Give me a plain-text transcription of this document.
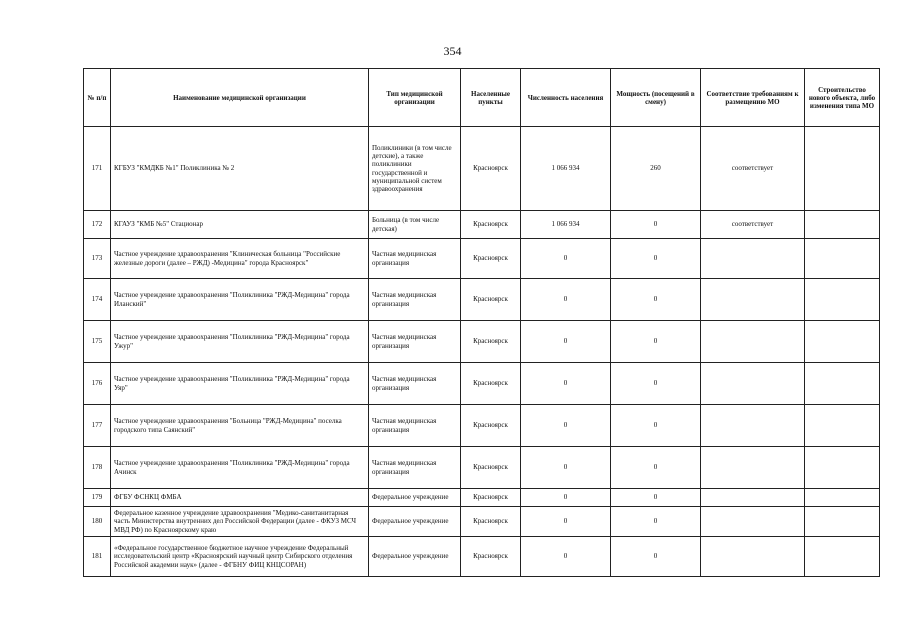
354
№ п/п	Наименование медицинской организации	Тип медицинской организации	Населенные пункты	Численность населения	Мощность (посещений в смену)	Соответствие требованиям к размещению МО	Строительство нового объекта, либо изменения типа МО
171	КГБУЗ "КМДКБ №1" Поликлиника № 2	Поликлиники (в том числе детские), а также поликлиники государственной и муниципальной систем здравоохранения	Красноярск	1 066 934	260	соответствует	
172	КГАУЗ "КМБ №5" Стационар	Больница (в том числе детская)	Красноярск	1 066 934	0	соответствует	
173	Частное учреждение здравоохранения "Клиническая больница "Российские железные дороги (далее – РЖД) -Медицина" города Красноярск"	Частная медицинская организация	Красноярск	0	0		
174	Частное учреждение здравоохранения "Поликлиника "РЖД-Медицина" города Иланский"	Частная медицинская организация	Красноярск	0	0		
175	Частное учреждение здравоохранения "Поликлиника "РЖД-Медицина" города Ужур"	Частная медицинская организация	Красноярск	0	0		
176	Частное учреждение здравоохранения "Поликлиника "РЖД-Медицина" города Уяр"	Частная медицинская организация	Красноярск	0	0		
177	Частное учреждение здравоохранения "Больница "РЖД-Медицина" поселка городского типа Саянский"	Частная медицинская организация	Красноярск	0	0		
178	Частное учреждение здравоохранения "Поликлиника "РЖД-Медицина" города Ачинск	Частная медицинская организация	Красноярск	0	0		
179	ФГБУ ФСНКЦ ФМБА	Федеральное учреждение	Красноярск	0	0		
180	Федеральное казенное учреждение здравоохранения "Медико-санитанитарная часть Министерства внутренних дел Российской Федерации (далее - ФКУЗ МСЧ МВД РФ) по Красноярскому краю	Федеральное учреждение	Красноярск	0	0		
181	«Федеральное государственное бюджетное научное учреждение Федеральный исследовательский центр «Красноярский научный центр Сибирского отделения Российской академии наук» (далее - ФГБНУ ФИЦ КНЦСОРАН)	Федеральное учреждение	Красноярск	0	0		
